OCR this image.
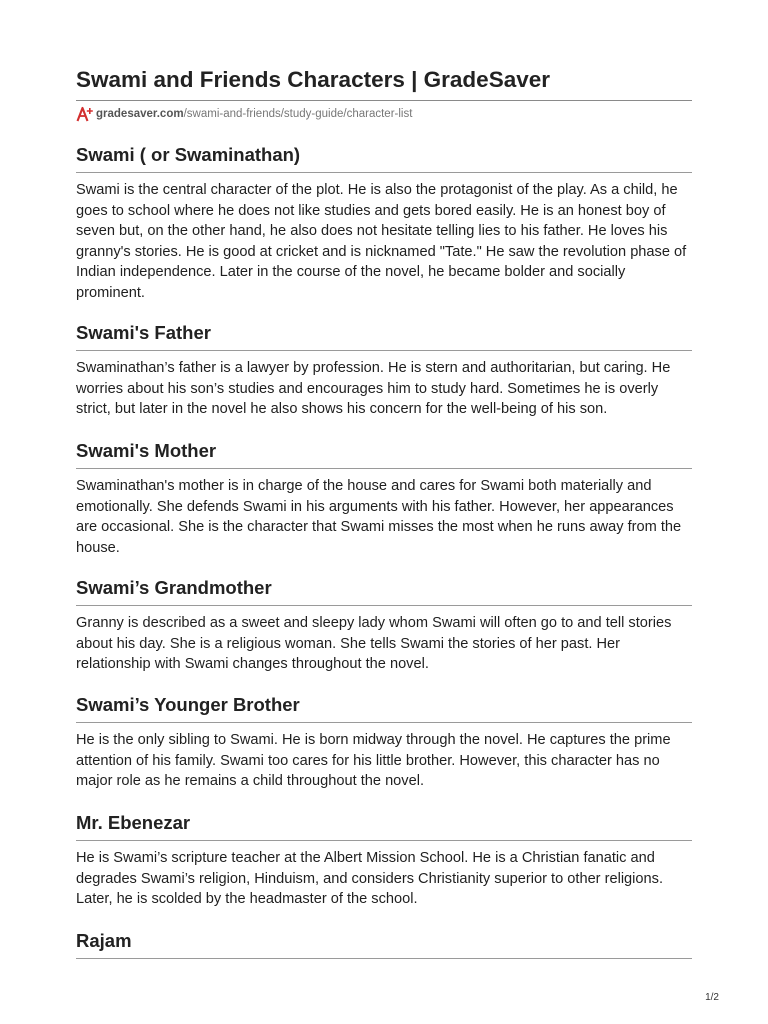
Swami and Friends Characters | GradeSaver
gradesaver.com /swami-and-friends/study-guide/character-list
Swami ( or Swaminathan)

Swami is the central character of the plot. He is also the protagonist of the play. As a child, he goes to school where he does not like studies and gets bored easily. He is an honest boy of seven but, on the other hand, he also does not hesitate telling lies to his father. He loves his granny's stories. He is good at cricket and is nicknamed "Tate." He saw the revolution phase of Indian independence. Later in the course of the novel, he became bolder and socially prominent.

Swami's Father

Swaminathan’s father is a lawyer by profession. He is stern and authoritarian, but caring. He worries about his son’s studies and encourages him to study hard. Sometimes he is overly strict, but later in the novel he also shows his concern for the well-being of his son.

Swami's Mother

Swaminathan's mother is in charge of the house and cares for Swami both materially and emotionally. She defends Swami in his arguments with his father. However, her appearances are occasional. She is the character that Swami misses the most when he runs away from the house.

Swami’s Grandmother

Granny is described as a sweet and sleepy lady whom Swami will often go to and tell stories about his day. She is a religious woman. She tells Swami the stories of her past. Her relationship with Swami changes throughout the novel.

Swami’s Younger Brother

He is the only sibling to Swami. He is born midway through the novel. He captures the prime attention of his family. Swami too cares for his little brother. However, this character has no major role as he remains a child throughout the novel.

Mr. Ebenezar

He is Swami’s scripture teacher at the Albert Mission School. He is a Christian fanatic and degrades Swami’s religion, Hinduism, and considers Christianity superior to other religions. Later, he is scolded by the headmaster of the school.

Rajam
1/2
